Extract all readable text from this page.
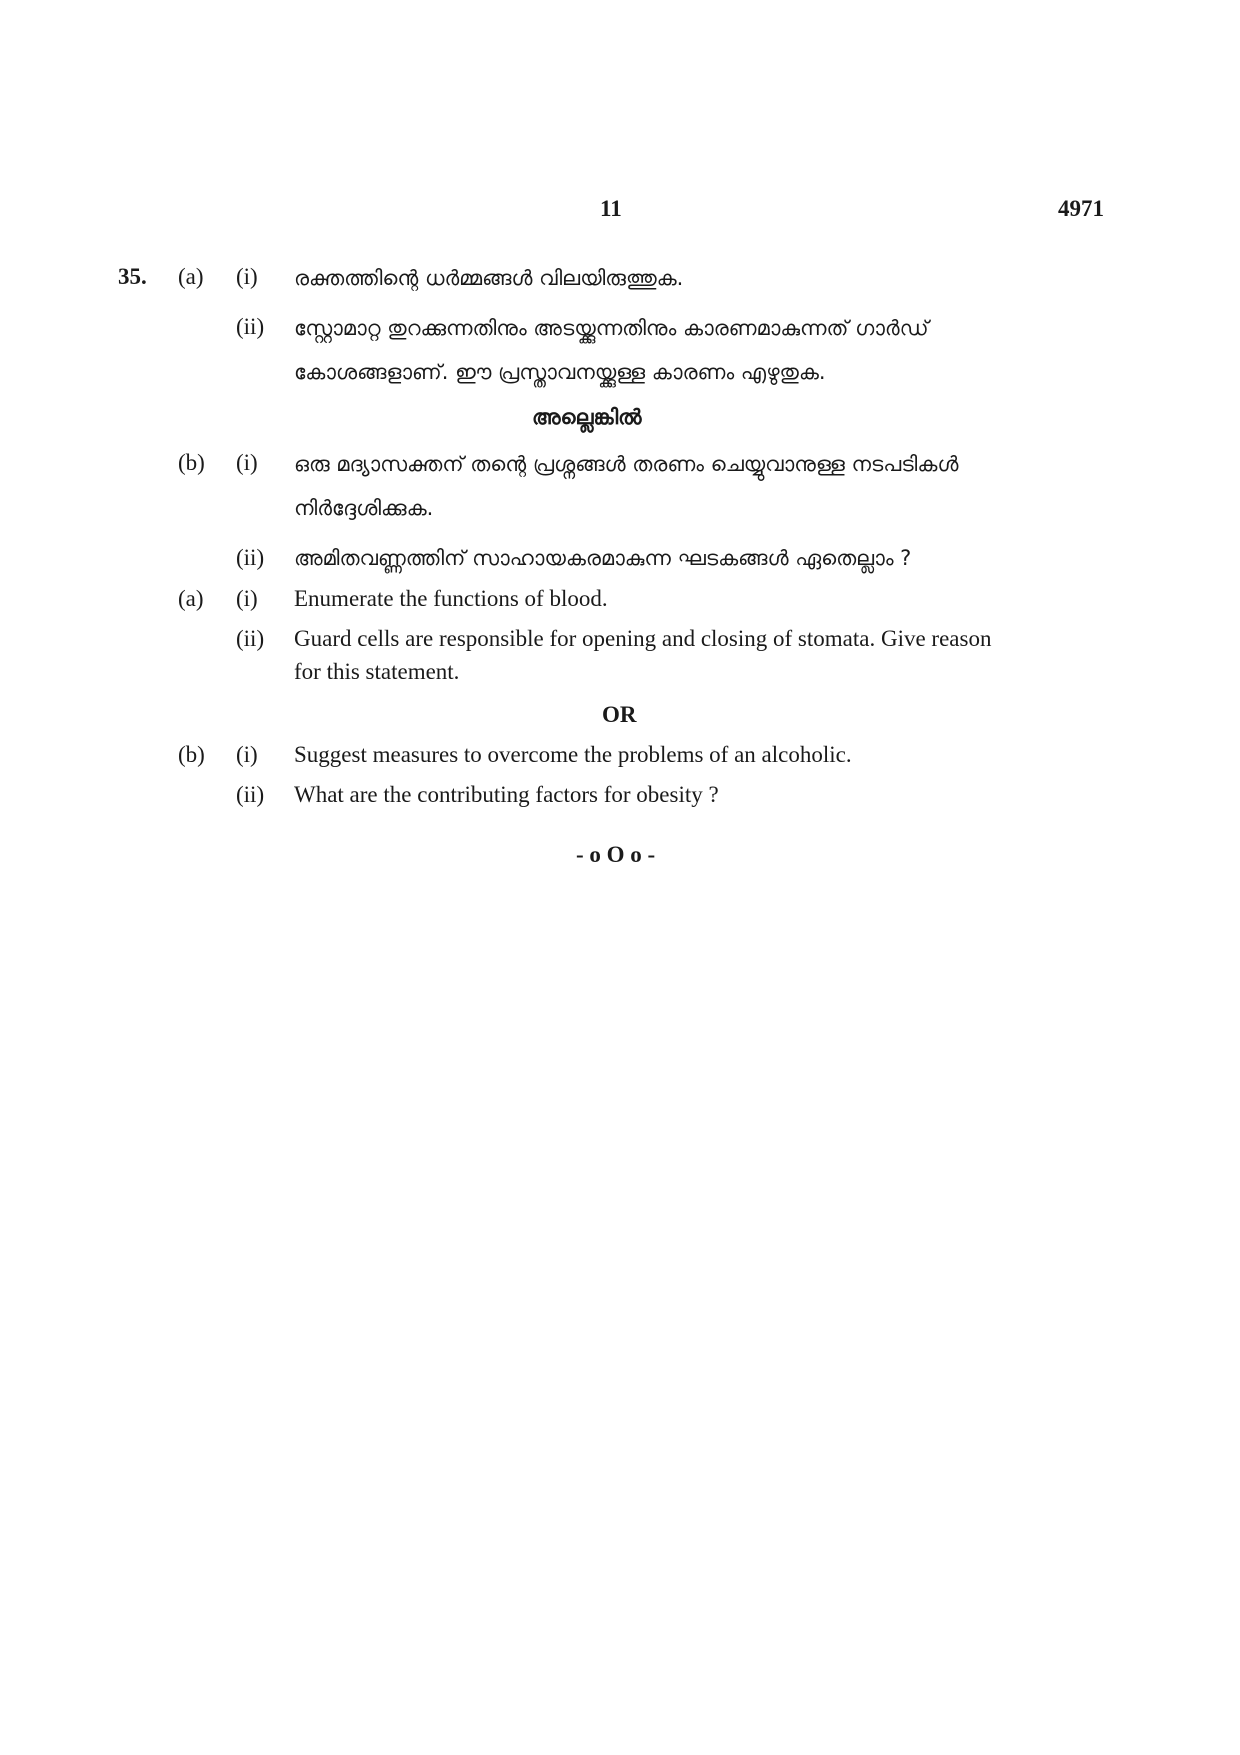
11	4971
35. (a) (i) രക്തത്തിന്റെ ധർമ്മങ്ങൾ വിലയിരുത്തുക.
(ii) സ്റ്റോമാറ്റ തുറക്കുന്നതിനും അടയ്ക്കുന്നതിനും കാരണമാകുന്നത് ഗാർഡ്
കോശങ്ങളാണ്. ഈ പ്രസ്താവനയ്ക്കുള്ള കാരണം എഴുതുക.
അല്ലെങ്കിൽ
(b) (i) ഒരു മദ്യാസക്തന് തന്റെ പ്രശ്നങ്ങൾ തരണം ചെയ്യുവാനുള്ള നടപടികൾ
നിർദ്ദേശിക്കുക.
(ii) അമിതവണ്ണത്തിന് സാഹായകരമാകുന്ന ഘടകങ്ങൾ ഏതെല്ലാം ?
(a) (i) Enumerate the functions of blood.
(ii) Guard cells are responsible for opening and closing of stomata. Give reason
for this statement.
OR
(b) (i) Suggest measures to overcome the problems of an alcoholic.
(ii) What are the contributing factors for obesity ?
- o O o -
